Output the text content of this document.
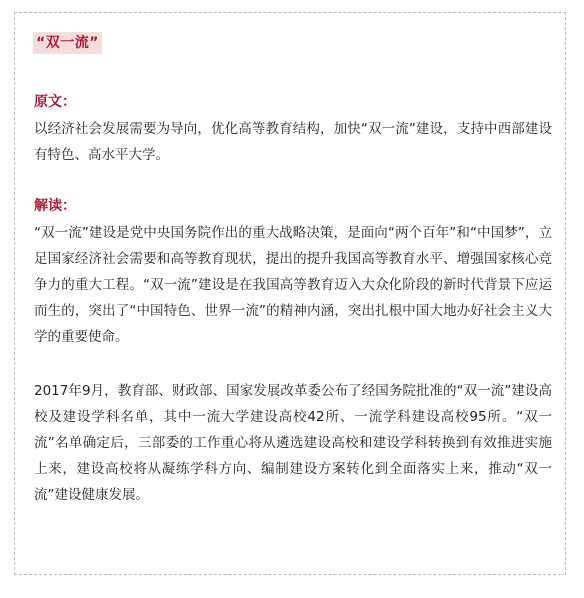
“双一流”
原文：

以经济社会发展需要为导向，优化高等教育结构，加快“双一流”建设，支持中西部建设有特色、高水平大学。

解读：

“双一流”建设是党中央国务院作出的重大战略决策，是面向“两个百年”和“中国梦”，立足国家经济社会需要和高等教育现状，提出的提升我国高等教育水平、增强国家核心竞争力的重大工程。“双一流”建设是在我国高等教育迈入大众化阶段的新时代背景下应运而生的，突出了“中国特色、世界一流”的精神内涵，突出扎根中国大地办好社会主义大学的重要使命。

2017年9月，教育部、财政部、国家发展改革委公布了经国务院批准的“双一流”建设高校及建设学科名单，其中一流大学建设高校42所、一流学科建设高校95所。“双一流”名单确定后，三部委的工作重心将从遴选建设高校和建设学科转换到有效推进实施上来，建设高校将从凝练学科方向、编制建设方案转化到全面落实上来，推动“双一流”建设健康发展。
